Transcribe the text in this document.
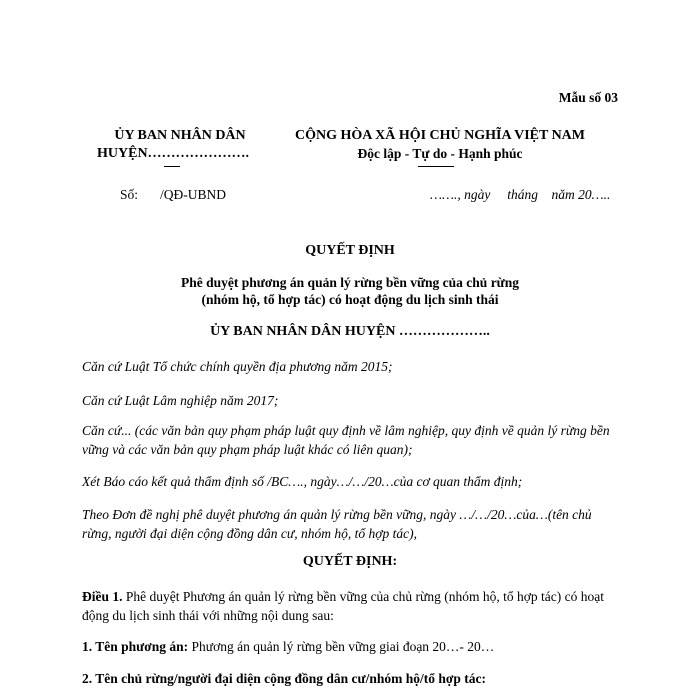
Mẫu số 03
ỦY BAN NHÂN DÂN
HUYỆN………………….
CỘNG HÒA XÃ HỘI CHỦ NGHĨA VIỆT NAM
Độc lập - Tự do - Hạnh phúc
Số: /QĐ-UBND	……., ngày     tháng    năm 20…..
QUYẾT ĐỊNH
Phê duyệt phương án quản lý rừng bền vững của chủ rừng
(nhóm hộ, tổ hợp tác) có hoạt động du lịch sinh thái
ỦY BAN NHÂN DÂN HUYỆN ………………..
Căn cứ Luật Tổ chức chính quyền địa phương năm 2015;
Căn cứ Luật Lâm nghiệp năm 2017;
Căn cứ... (các văn bản quy phạm pháp luật quy định về lâm nghiệp, quy định về quản lý rừng bền vững và các văn bản quy phạm pháp luật khác có liên quan);
Xét Báo cáo kết quả thẩm định số /BC…., ngày…/…/20…của cơ quan thẩm định;
Theo Đơn đề nghị phê duyệt phương án quản lý rừng bền vững, ngày …/…/20…của…(tên chủ rừng, người đại diện cộng đồng dân cư, nhóm hộ, tổ hợp tác),
QUYẾT ĐỊNH:
Điều 1. Phê duyệt Phương án quản lý rừng bền vững của chủ rừng (nhóm hộ, tổ hợp tác) có hoạt động du lịch sinh thái với những nội dung sau:
1. Tên phương án: Phương án quản lý rừng bền vững giai đoạn 20…- 20…
2. Tên chủ rừng/người đại diện cộng đồng dân cư/nhóm hộ/tổ hợp tác:
